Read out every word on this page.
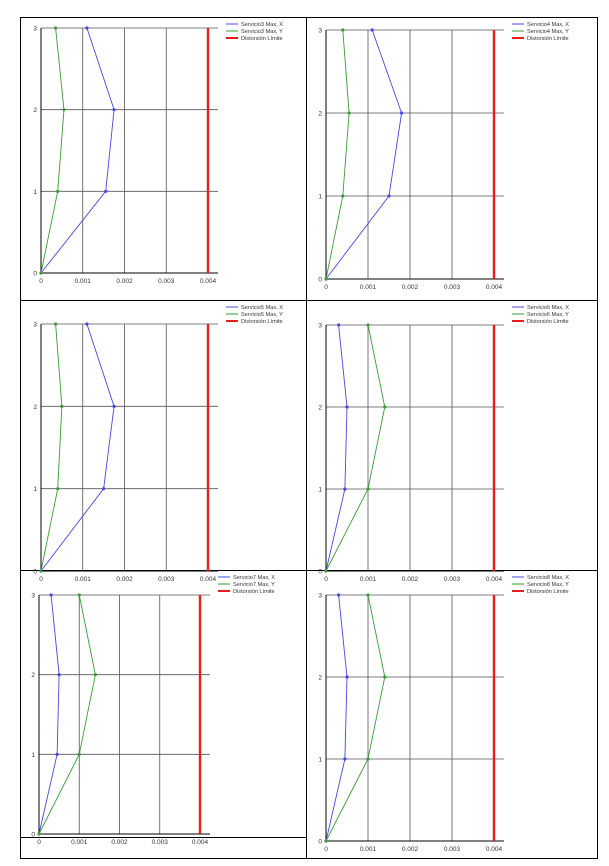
0	0.001	0.002	0.003	0.004
0
1
2
3
Servicio3 Max, X
Servicio3 Max, Y
Distorsión Límite
0	0.001	0.002	0.003	0.004
0
1
2
3
Servicio4 Max, X
Servicio4 Max, Y
Distorsión Límite
0	0.001	0.002	0.003	0.004
0
1
2
3
Servicio5 Max, X
Servicio5 Max, Y
Distorsión Límite
0	0.001	0.002	0.003	0.004
0
1
2
3
Servicio6 Max, X
Servicio6 Max, Y
Distorsión Límite
0	0.001	0.002	0.003	0.004
0
1
2
3
Servicio7 Max, X
Servicio7 Max, Y
Distorsión Límite
0	0.001	0.002	0.003	0.004
0
1
2
3
Servicio8 Max, X
Servicio8 Max, Y
Distorsión Límite
